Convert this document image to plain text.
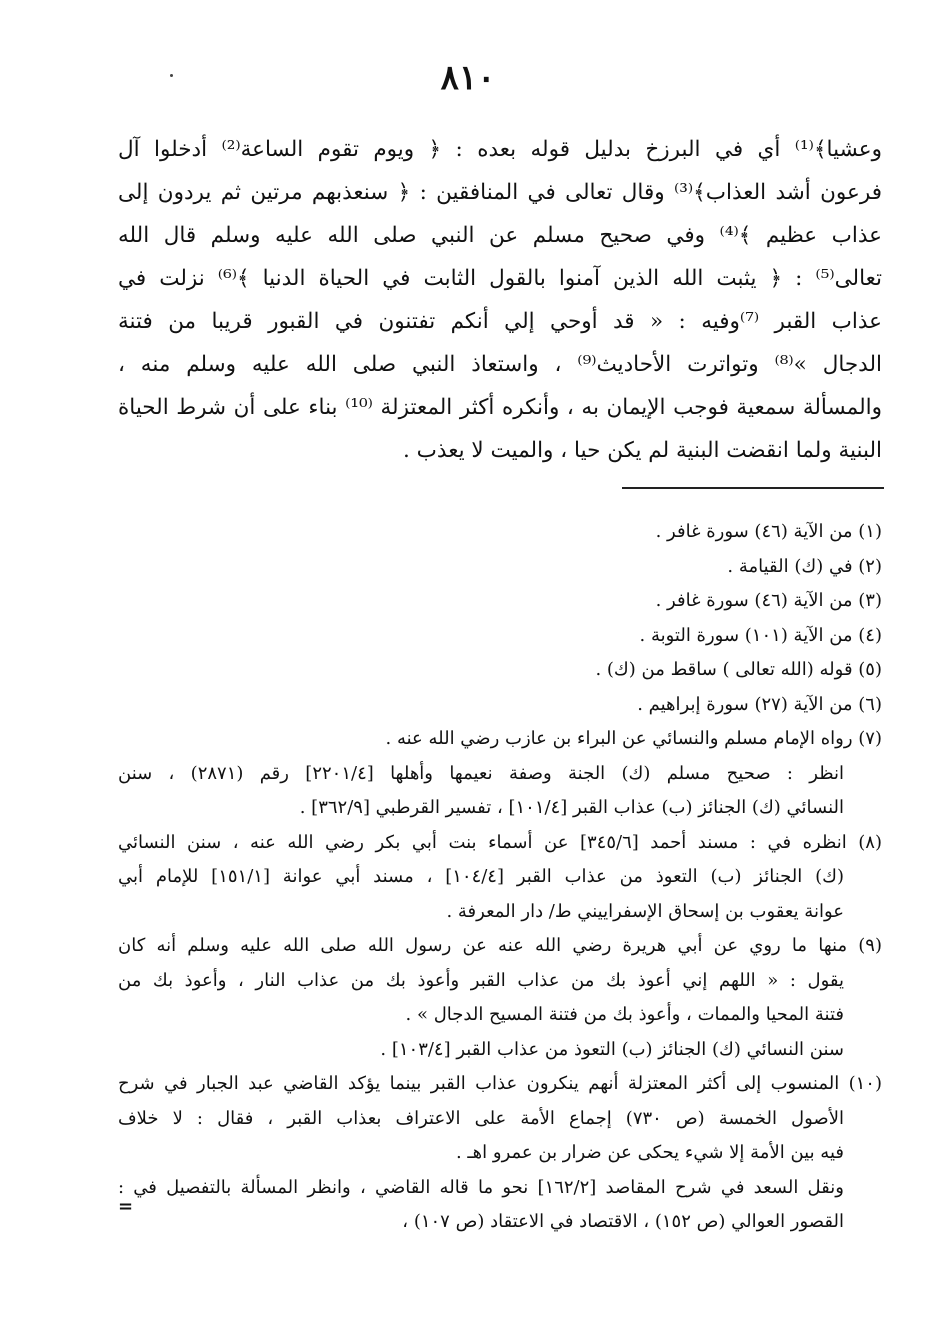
٨١٠
وعشيا﴾⁽¹⁾ أي في البرزخ بدليل قوله بعده : ﴿ ويوم تقوم الساعة⁽²⁾ أدخلوا آل
فرعون أشد العذاب﴾⁽³⁾ وقال تعالى في المنافقين : ﴿ سنعذبهم مرتين ثم يردون إلى
عذاب عظيم ﴾⁽⁴⁾ وفي صحيح مسلم عن النبي صلى الله عليه وسلم قال الله
تعالى⁽⁵⁾ : ﴿ يثبت الله الذين آمنوا بالقول الثابت في الحياة الدنيا ﴾⁽⁶⁾ نزلت في
عذاب القبر ⁽⁷⁾وفيه : « قد أوحي إلي أنكم تفتنون في القبور قريبا من فتنة
الدجال »⁽⁸⁾ وتواترت الأحاديث⁽⁹⁾ ، واستعاذ النبي صلى الله عليه وسلم منه ،
والمسألة سمعية فوجب الإيمان به ، وأنكره أكثر المعتزلة ⁽¹⁰⁾ بناء على أن شرط الحياة
البنية ولما انقضت البنية لم يكن حيا ، والميت لا يعذب .
(١) من الآية (٤٦) سورة غافر .
(٢) في (ك) القيامة .
(٣) من الآية (٤٦) سورة غافر .
(٤) من الآية (١٠١) سورة التوبة .
(٥) قوله (الله تعالى ) ساقط من (ك) .
(٦) من الآية (٢٧) سورة إبراهيم .
(٧) رواه الإمام مسلم والنسائي عن البراء بن عازب رضي الله عنه .
انظر : صحيح مسلم (ك) الجنة وصفة نعيمها وأهلها [٢٢٠١/٤] رقم (٢٨٧١) ، سنن
النسائي (ك) الجنائز (ب) عذاب القبر [١٠١/٤] ، تفسير القرطبي [٣٦٢/٩] .
(٨) انظره في : مسند أحمد [٣٤٥/٦] عن أسماء بنت أبي بكر رضي الله عنه ، سنن النسائي
(ك) الجنائز (ب) التعوذ من عذاب القبر [١٠٤/٤] ، مسند أبي عوانة [١٥١/١] للإمام أبي
عوانة يعقوب بن إسحاق الإسفراييني ط/ دار المعرفة .
(٩) منها ما روي عن أبي هريرة رضي الله عنه عن رسول الله صلى الله عليه وسلم أنه كان
يقول : « اللهم إني أعوذ بك من عذاب القبر وأعوذ بك من عذاب النار ، وأعوذ بك من
فتنة المحيا والممات ، وأعوذ بك من فتنة المسيح الدجال » .
سنن النسائي (ك) الجنائز (ب) التعوذ من عذاب القبر [١٠٣/٤] .
(١٠) المنسوب إلى أكثر المعتزلة أنهم ينكرون عذاب القبر بينما يؤكد القاضي عبد الجبار في شرح
الأصول الخمسة (ص ٧٣٠) إجماع الأمة على الاعتراف بعذاب القبر ، فقال : لا خلاف
فيه بين الأمة إلا شيء يحكى عن ضرار بن عمرو اهـ .
ونقل السعد في شرح المقاصد [١٦٢/٢] نحو ما قاله القاضي ، وانظر المسألة بالتفصيل في :
القصور العوالي (ص ١٥٢) ، الاقتصاد في الاعتقاد (ص ١٠٧) ،
=
